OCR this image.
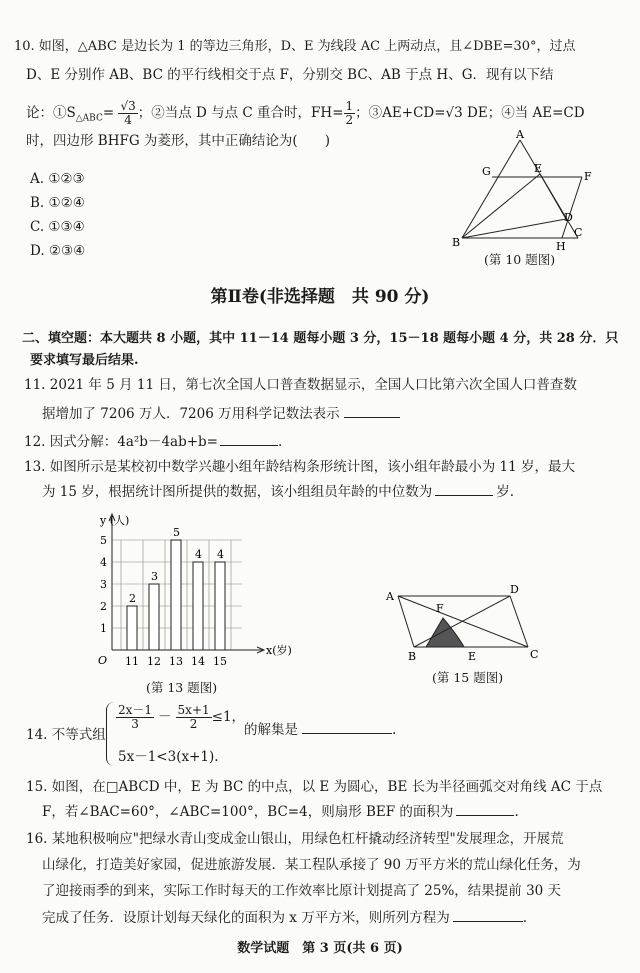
10. 如图，△ABC 是边长为 1 的等边三角形，D、E 为线段 AC 上两动点，且∠DBE=30°，过点
D、E 分别作 AB、BC 的平行线相交于点 F，分别交 BC、AB 于点 H、G．现有以下结
论：$①S_{\triangle ABC}= \frac{√3}{4}$ ；②当点 D 与点 C 重合时，$FH= \frac{1}{2}$ ；③AE+CD=√3 DE；④当 AE=CD
时，四边形 BHFG 为菱形，其中正确结论为(　　)
A. ①②③
B. ①②④
C. ①③④
D. ②③④
A
B
C
D
E
F
G
H
(第 10 题图)
第Ⅱ卷(非选择题　共 90 分)
二、填空题：本大题共 8 小题，其中 11－14 题每小题 3 分，15－18 题每小题 4 分，共 28 分．只
要求填写最后结果.
11. 2021 年 5 月 11 日，第七次全国人口普查数据显示，全国人口比第六次全国人口普查数
据增加了 7206 万人．7206 万用科学记数法表示
12. 因式分解：4a²b－4ab+b=	.
13. 如图所示是某校初中数学兴趣小组年龄结构条形统计图，该小组年龄最小为 11 岁，最大
为 15 岁，根据统计图所提供的数据，该小组组员年龄的中位数为	岁.
1
2
3
4
5
O
y (人)
x(岁)
2
11
3
12
5
13
4
14
4
15
(第 13 题图)
A
D
B	C
E
F
(第 15 题图)
14. 不等式组
$\frac{2x-1}{3} - \frac{5x+1}{2} \le 1$，
的解集是	.
5x－1<3(x+1).
15. 如图，在□ABCD 中，E 为 BC 的中点，以 E 为圆心，BE 长为半径画弧交对角线 AC 于点
F，若∠BAC=60°，∠ABC=100°，BC=4，则扇形 BEF 的面积为	.
16. 某地积极响应"把绿水青山变成金山银山，用绿色杠杆撬动经济转型"发展理念，开展荒
山绿化，打造美好家园，促进旅游发展．某工程队承接了 90 万平方米的荒山绿化任务，为
了迎接雨季的到来，实际工作时每天的工作效率比原计划提高了 25%，结果提前 30 天
完成了任务．设原计划每天绿化的面积为 x 万平方米，则所列方程为	.
数学试题　第 3 页(共 6 页)
